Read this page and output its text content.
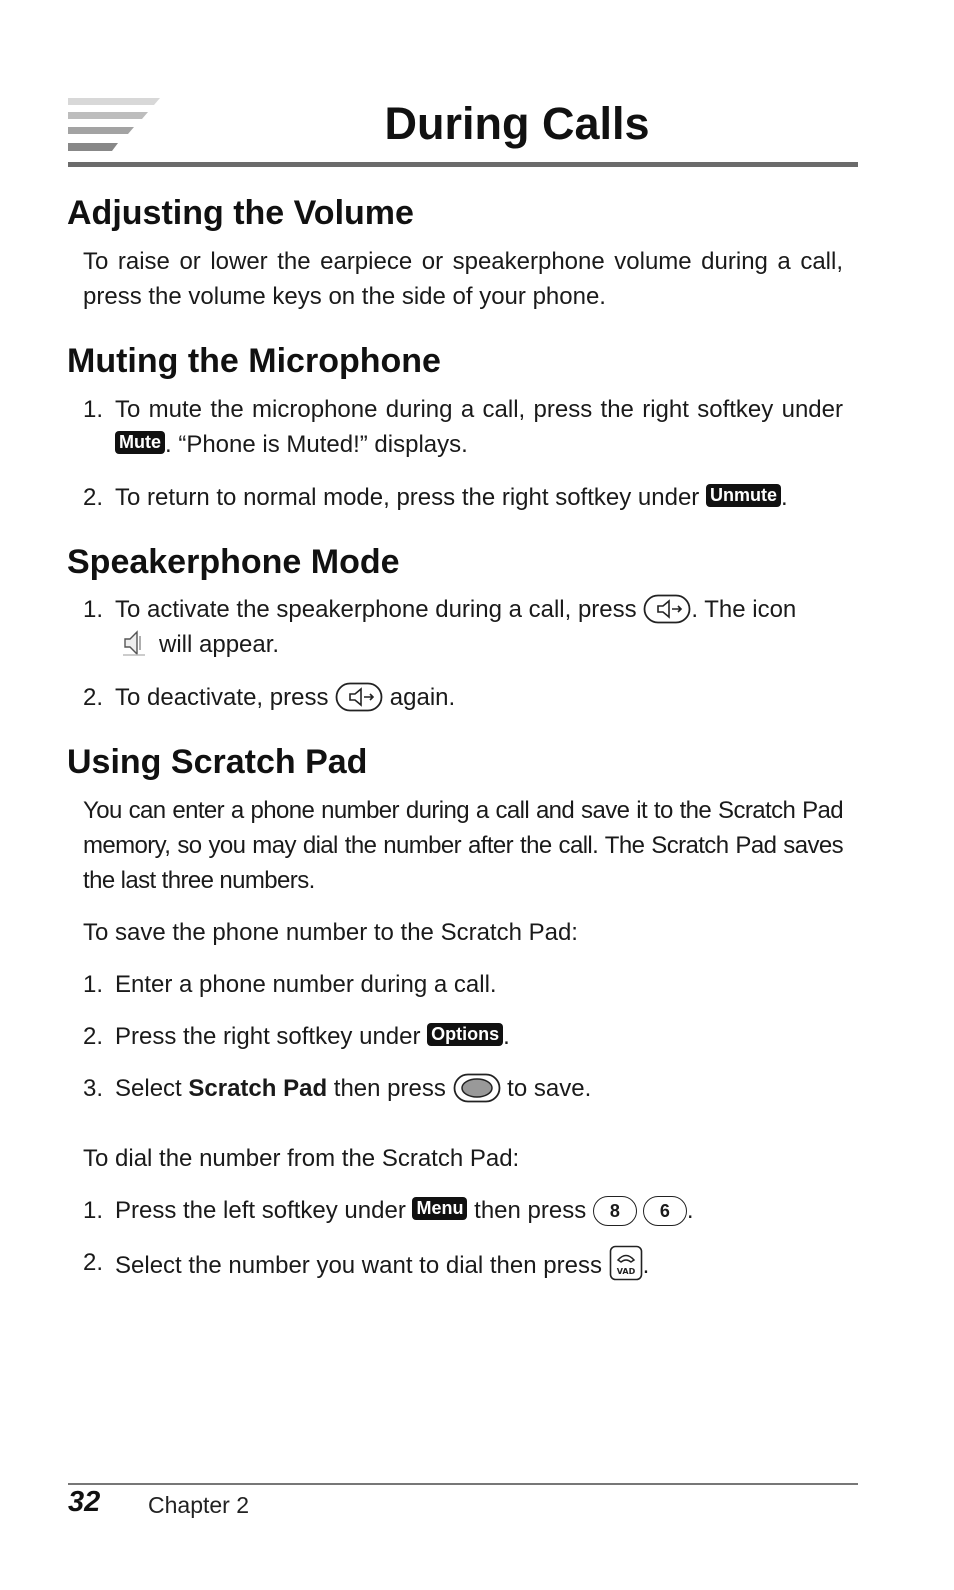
During Calls
Adjusting the Volume

To raise or lower the earpiece or speakerphone volume during a call, press the volume keys on the side of your phone.

Muting the Microphone
1. To mute the microphone during a call, press the right softkey under Mute . “Phone is Muted!” displays.
2. To return to normal mode, press the right softkey under Unmute .
Speakerphone Mode
1. To activate the speakerphone during a call, press . The icon
will appear.
2. To deactivate, press  again.
Using Scratch Pad

You can enter a phone number during a call and save it to the Scratch Pad memory, so you may dial the number after the call. The Scratch Pad saves the last three numbers.

To save the phone number to the Scratch Pad:

1. Enter a phone number during a call.
2. Press the right softkey under Options .
3. Select Scratch Pad then press  to save.

To dial the number from the Scratch Pad:

1. Press the left softkey under Menu then press 8 6 .
2. Select the number you want to dial then press VAD .
32 Chapter 2
